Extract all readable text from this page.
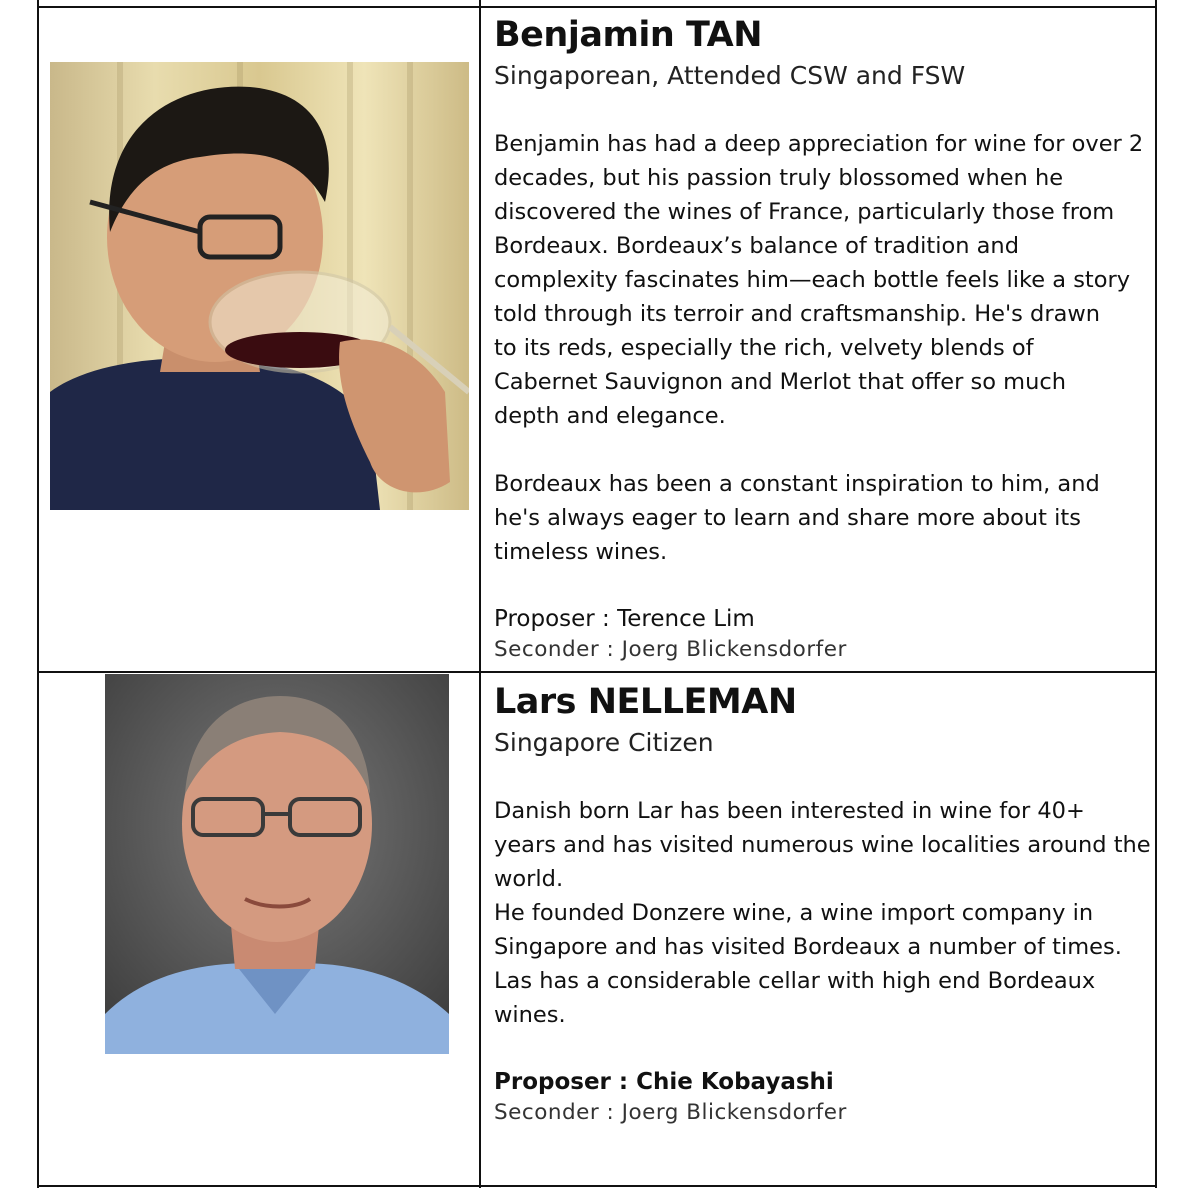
Benjamin TAN

Singaporean, Attended CSW and FSW

Benjamin has had a deep appreciation for wine for over 2
decades, but his passion truly blossomed when he
discovered the wines of France, particularly those from
Bordeaux. Bordeaux’s balance of tradition and
complexity fascinates him—each bottle feels like a story
told through its terroir and craftsmanship. He's drawn
to its reds, especially the rich, velvety blends of
Cabernet Sauvignon and Merlot that offer so much
depth and elegance.

Bordeaux has been a constant inspiration to him, and
he's always eager to learn and share more about its
timeless wines.

Proposer : Terence Lim

Seconder : Joerg Blickensdorfer

Lars NELLEMAN

Singapore Citizen

Danish born Lar has been interested in wine for 40+
years and has visited numerous wine localities around the
world.
He founded Donzere wine, a wine import company in
Singapore and has visited Bordeaux a number of times.
Las has a considerable cellar with high end Bordeaux
wines.

Proposer : Chie Kobayashi

Seconder : Joerg Blickensdorfer
